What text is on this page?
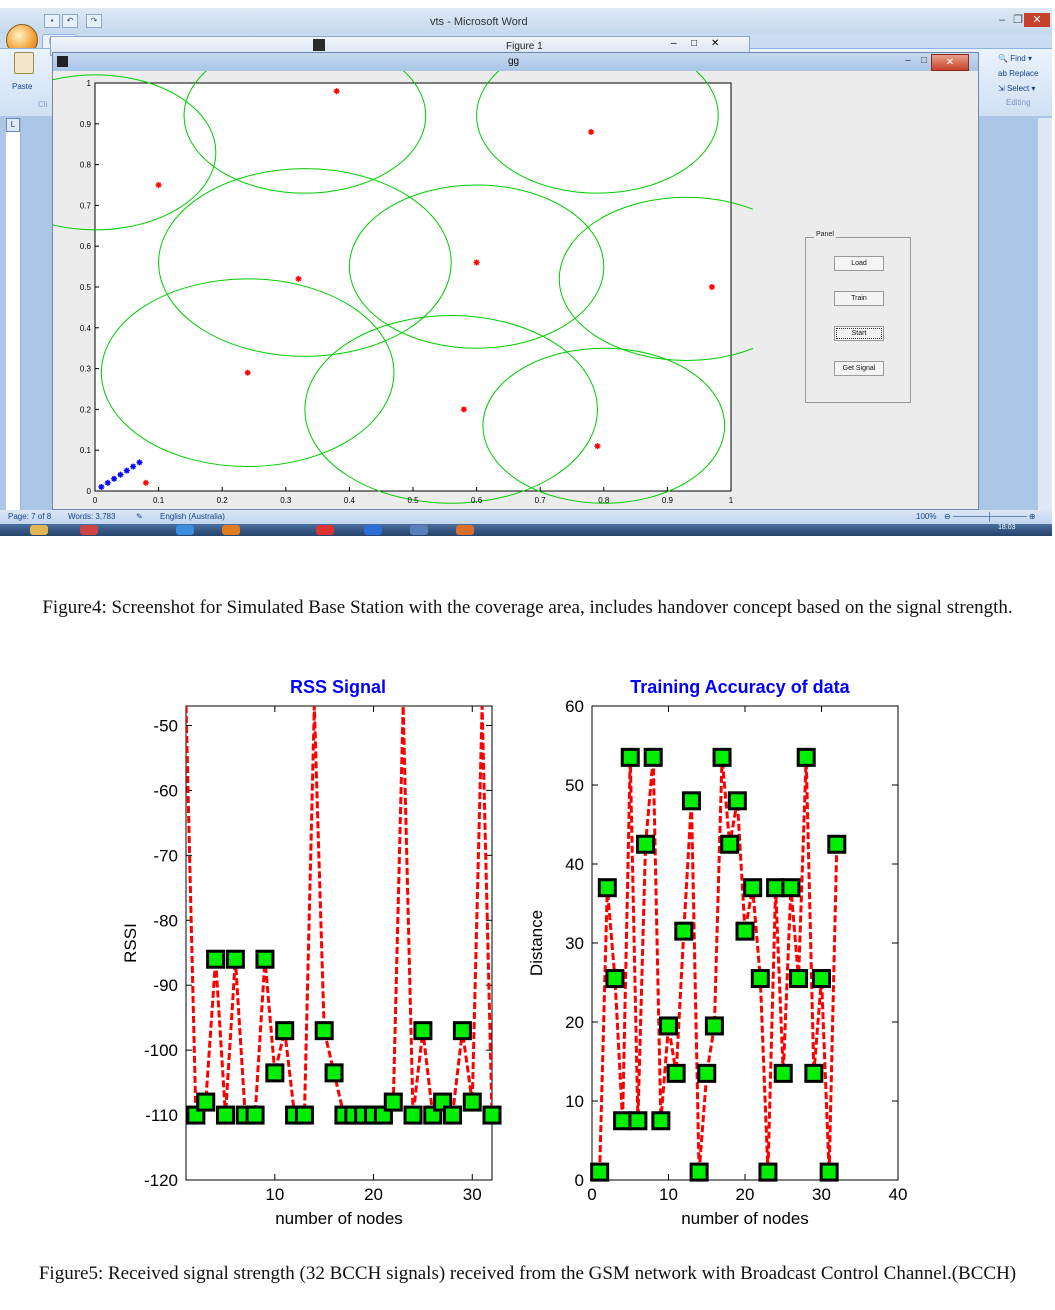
▪	↶	↷	vts - Microsoft Word	– ❐ ✕
Paste
Cli
🔍 Find ▾
ab Replace
⇲ Select ▾
Editing
L
Page: 7 of 8 Words: 3,783	✎ English (Australia)	100% ⊖ ──────┼────── ⊕
18:03
Figure 1	– □ ✕
gg	–	□	✕
0	0.1	0.2	0.3	0.4	0.5	0.6	0.7	0.8	0.9	1
0
0.1
0.2
0.3
0.4
0.5
0.6
0.7
0.8
0.9
1
Panel
Load
Train
Start
Get Signal
Figure4: Screenshot for Simulated Base Station with the coverage area, includes handover concept based on the signal strength.
RSS Signal
10	20	30
-120
-110
-100
-90
-80
-70
-60
-50
number of nodes
RSSI
Training Accuracy of data
0	10	20	30	40
0
10
20
30
40
50
60
number of nodes
Distance
Figure5: Received signal strength (32 BCCH signals) received from the GSM network with Broadcast Control Channel.(BCCH)
